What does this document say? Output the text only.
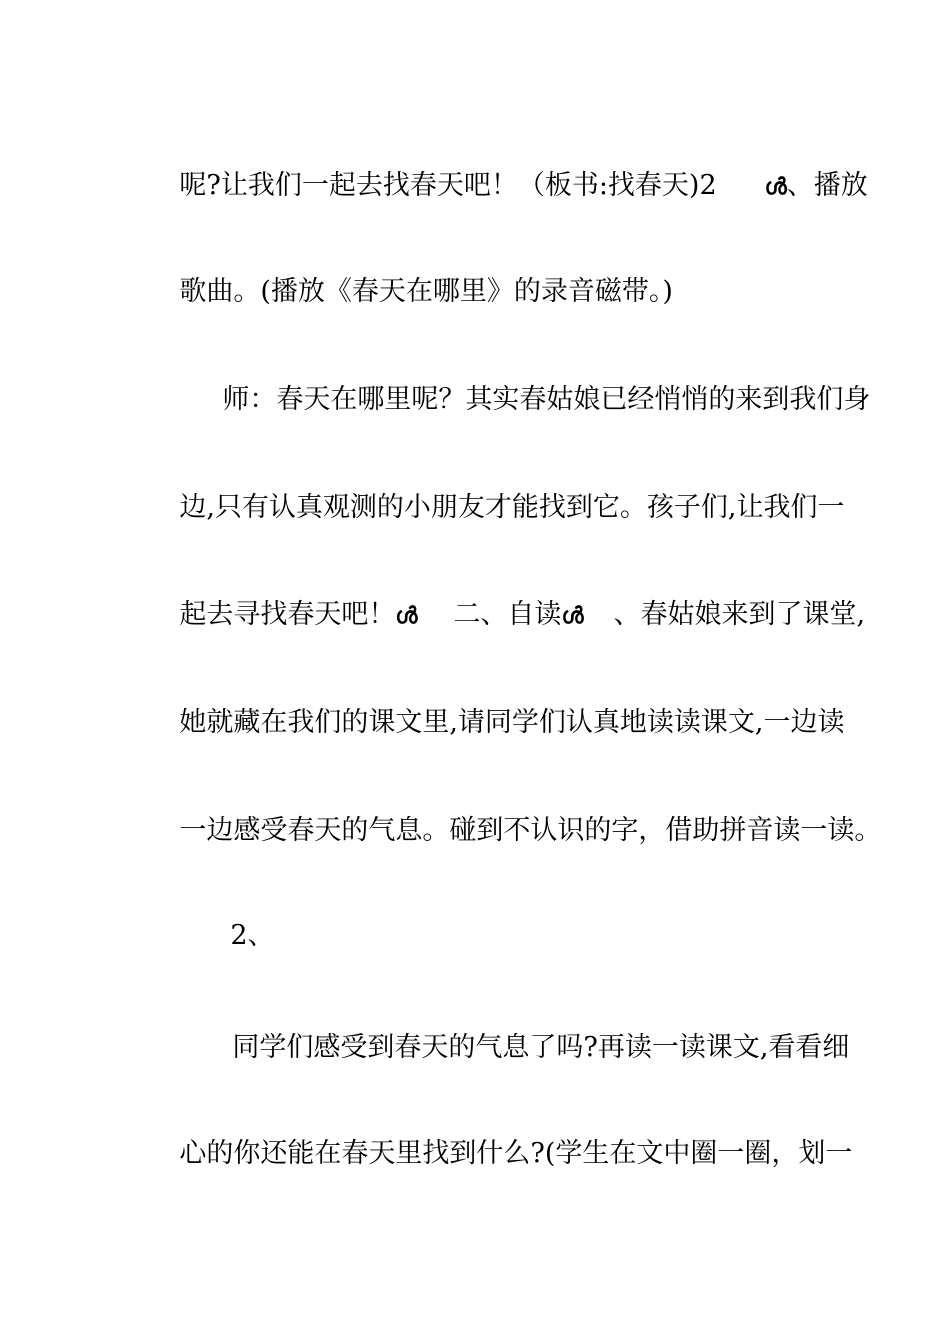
呢?让我们一起去找春天吧！（板书:找春天)2 ൾ、播放

歌曲。(播放《春天在哪里》的录音磁带。)

师：春天在哪里呢？其实春姑娘已经悄悄的来到我们身

边,只有认真观测的小朋友才能找到它。孩子们,让我们一

起去寻找春天吧！ൾ 二、自读ൾ 、春姑娘来到了课堂,

她就藏在我们的课文里,请同学们认真地读读课文,一边读

一边感受春天的气息。碰到不认识的字，借助拼音读一读。

2、

同学们感受到春天的气息了吗?再读一读课文,看看细

心的你还能在春天里找到什么?(学生在文中圈一圈，划一
